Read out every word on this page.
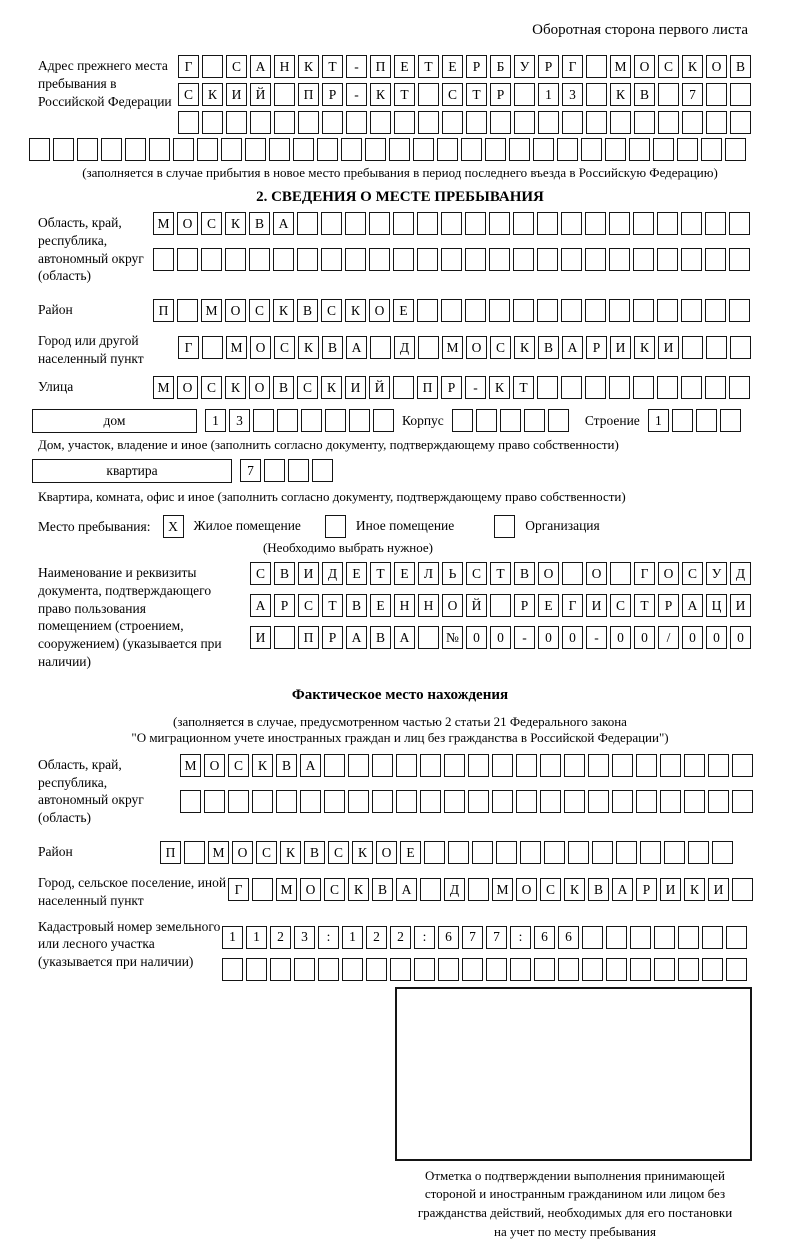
Оборотная сторона первого листа
Адрес прежнего места пребывания в Российской Федерации
Г	С	А	Н	К	Т	-	П	Е	Т	Е	Р	Б	У	Р	Г	М О	С	К	О	В
С	К	И	Й	П	Р	-	К	Т	С	Т	Р	1	3	К	В	7
(заполняется в случае прибытия в новое место пребывания в период последнего въезда в Российскую Федерацию)
2. СВЕДЕНИЯ О МЕСТЕ ПРЕБЫВАНИЯ
Область, край, республика, автономный округ (область)
М О	С	К	В	А
Район	П	М О	С	К	В	С	К	О	Е
Город или другой населенный пункт
Г	М О	С	К	В	А	Д	М О	С	К	В	А	Р	И	К	И
Улица	М О	С	К	О	В	С	К	И	Й	П	Р	-	К	Т
дом	1	3	Корпус	Строение	1
Дом, участок, владение и иное (заполнить согласно документу, подтверждающему право собственности)
квартира	7
Квартира, комната, офис и иное (заполнить согласно документу, подтверждающему право собственности)
Место пребывания:	X	Жилое помещение	Иное помещение	Организация
(Необходимо выбрать нужное)
Наименование и реквизиты документа, подтверждающего право пользования помещением (строением, сооружением) (указывается при наличии)
С	В	И	Д	Е	Т	Е	Л	Ь	С	Т	В	О	О	Г	О	С	У	Д
А	Р	С	Т	В	Е	Н	Н	О	Й	Р	Е	Г	И	С	Т	Р	А	Ц	И
И	П	Р	А	В	А	№	0	0	-	0	0	-	0	0	/	0	0	0
Фактическое место нахождения
(заполняется в случае, предусмотренном частью 2 статьи 21 Федерального закона
"О миграционном учете иностранных граждан и лиц без гражданства в Российской Федерации")
Область, край, республика, автономный округ (область)
М О	С	К	В	А
Район	П	М О	С	К	В	С	К	О	Е
Город, сельское поселение, иной населенный пункт
Г	М О	С	К	В	А	Д	М О	С	К	В	А	Р	И	К	И
Кадастровый номер земельного или лесного участка (указывается при наличии)
1	1	2	3	:	1	2	2	:	6	7	7	:	6	6
Отметка о подтверждении выполнения принимающей
стороной и иностранным гражданином или лицом без
гражданства действий, необходимых для его постановки
на учет по месту пребывания
